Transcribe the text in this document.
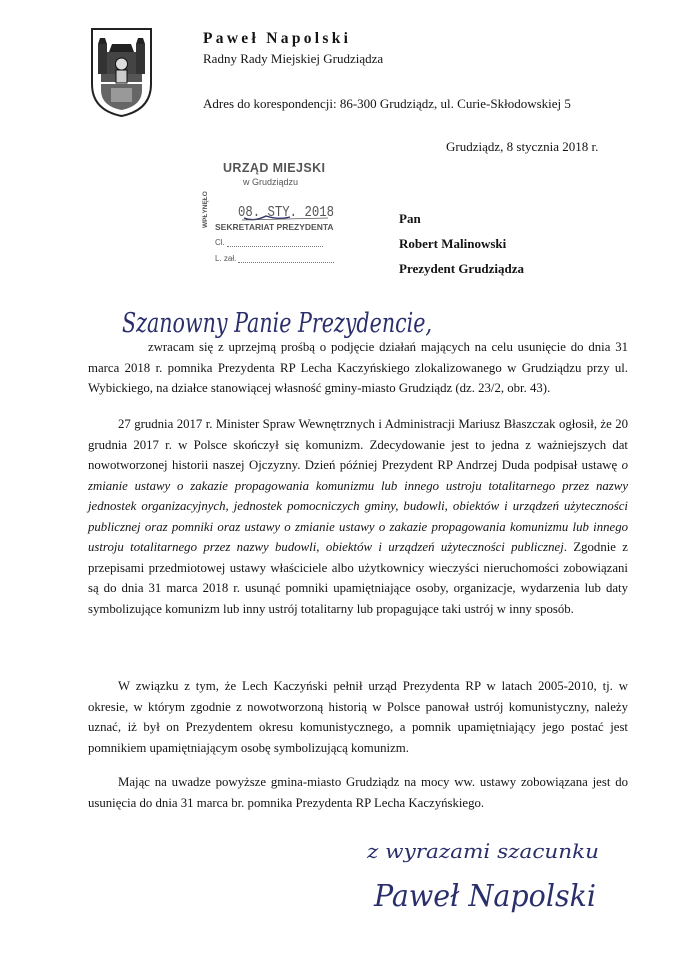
Paweł Napolski
Radny Rady Miejskiej Grudziądza
Adres do korespondencji: 86-300 Grudziądz, ul. Curie-Skłodowskiej 5
Grudziądz, 8 stycznia 2018 r.
URZĄD MIEJSKI
w Grudziądzu
WPŁYNĘŁO 08. STY. 2018
SEKRETARIAT PREZYDENTA
Cl.
L. zał.
Pan
Robert Malinowski
Prezydent Grudziądza
Szanowny Panie Prezydencie,
zwracam się z uprzejmą prośbą o podjęcie działań mających na celu usunięcie do dnia 31 marca 2018 r. pomnika Prezydenta RP Lecha Kaczyńskiego zlokalizowanego w Grudziądzu przy ul. Wybickiego, na działce stanowiącej własność gminy-miasto Grudziądz (dz. 23/2, obr. 43).
27 grudnia 2017 r. Minister Spraw Wewnętrznych i Administracji Mariusz Błaszczak ogłosił, że 20 grudnia 2017 r. w Polsce skończył się komunizm. Zdecydowanie jest to jedna z ważniejszych dat nowotworzonej historii naszej Ojczyzny. Dzień później Prezydent RP Andrzej Duda podpisał ustawę o zmianie ustawy o zakazie propagowania komunizmu lub innego ustroju totalitarnego przez nazwy jednostek organizacyjnych, jednostek pomocniczych gminy, budowli, obiektów i urządzeń użyteczności publicznej oraz pomniki oraz ustawy o zmianie ustawy o zakazie propagowania komunizmu lub innego ustroju totalitarnego przez nazwy budowli, obiektów i urządzeń użyteczności publicznej. Zgodnie z przepisami przedmiotowej ustawy właściciele albo użytkownicy wieczyści nieruchomości zobowiązani są do dnia 31 marca 2018 r. usunąć pomniki upamiętniające osoby, organizacje, wydarzenia lub daty symbolizujące komunizm lub inny ustrój totalitarny lub propagujące taki ustrój w inny sposób.
W związku z tym, że Lech Kaczyński pełnił urząd Prezydenta RP w latach 2005-2010, tj. w okresie, w którym zgodnie z nowotworzoną historią w Polsce panował ustrój komunistyczny, należy uznać, iż był on Prezydentem okresu komunistycznego, a pomnik upamiętniający jego postać jest pomnikiem upamiętniającym osobę symbolizującą komunizm.
Mając na uwadze powyższe gmina-miasto Grudziądz na mocy ww. ustawy zobowiązana jest do usunięcia do dnia 31 marca br. pomnika Prezydenta RP Lecha Kaczyńskiego.
z wyrazami szacunku
Paweł Napolski
